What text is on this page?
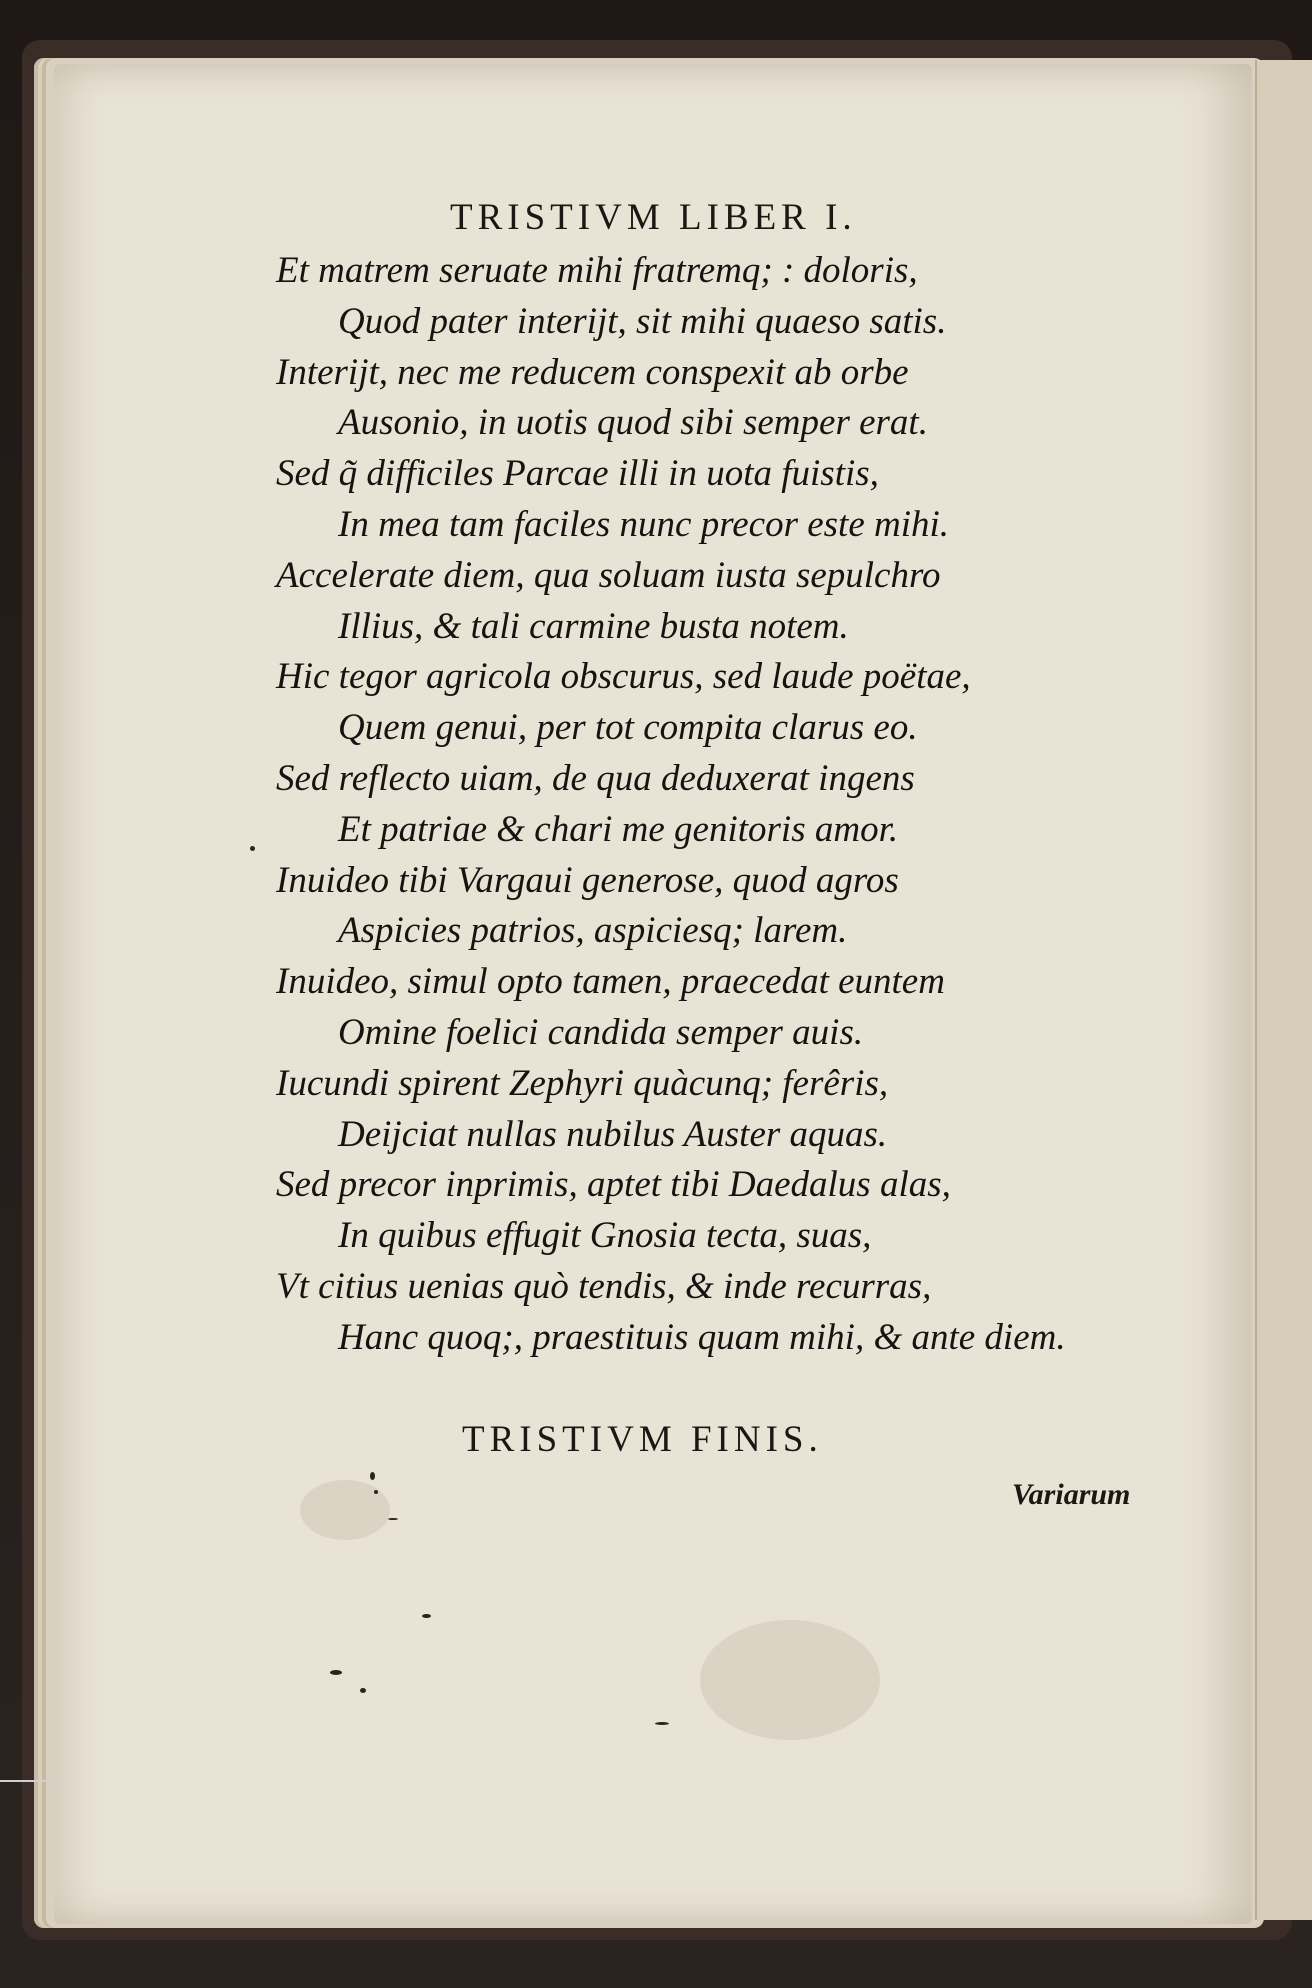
TRISTIVM LIBER I.
Et matrem seruate mihi fratremq; : doloris,
Quod pater interijt, sit mihi quaeso satis.
Interijt, nec me reducem conspexit ab orbe
Ausonio, in uotis quod sibi semper erat.
Sed q̃ difficiles Parcae illi in uota fuistis,
In mea tam faciles nunc precor este mihi.
Accelerate diem, qua soluam iusta sepulchro
Illius, & tali carmine busta notem.
Hic tegor agricola obscurus, sed laude poëtae,
Quem genui, per tot compita clarus eo.
Sed reflecto uiam, de qua deduxerat ingens
Et patriae & chari me genitoris amor.
Inuideo tibi Vargaui generose, quod agros
Aspicies patrios, aspiciesq; larem.
Inuideo, simul opto tamen, praecedat euntem
Omine foelici candida semper auis.
Iucundi spirent Zephyri quàcunq; ferêris,
Deijciat nullas nubilus Auster aquas.
Sed precor inprimis, aptet tibi Daedalus alas,
In quibus effugit Gnosia tecta, suas,
Vt citius uenias quò tendis, & inde recurras,
Hanc quoq;, praestituis quam mihi, & ante diem.
TRISTIVM FINIS.
Variarum
